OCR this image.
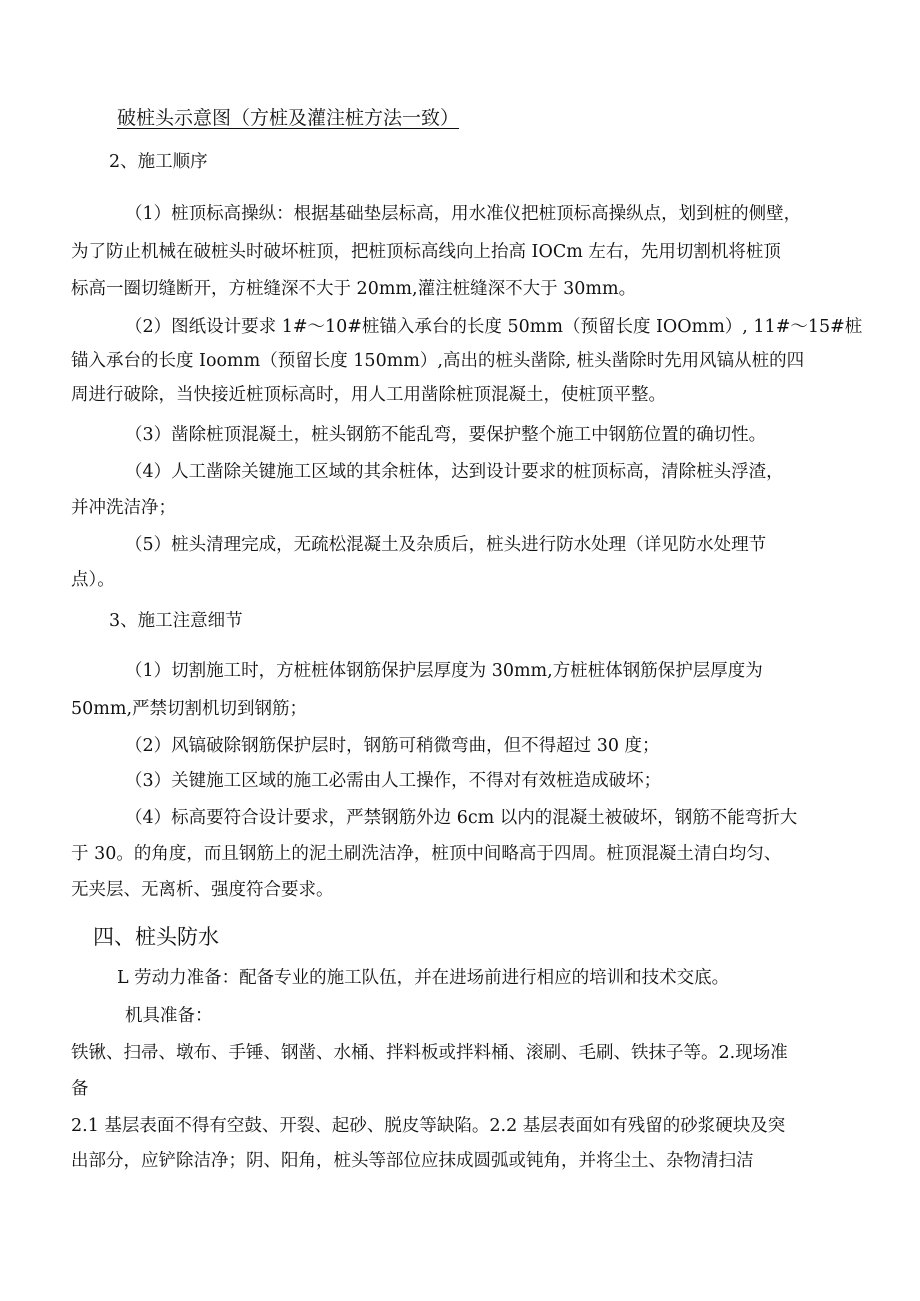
破桩头示意图（方桩及灌注桩方法一致）
2、施工顺序
（1）桩顶标高操纵：根据基础垫层标高，用水准仪把桩顶标高操纵点，划到桩的侧壁，
为了防止机械在破桩头时破坏桩顶，把桩顶标高线向上抬高 IOCm 左右，先用切割机将桩顶
标高一圈切缝断开，方桩缝深不大于 20mm,灌注桩缝深不大于 30mm。
（2）图纸设计要求 1#～10#桩锚入承台的长度 50mm（预留长度 IOOmm）, 11#～15#桩
锚入承台的长度 Ioomm（预留长度 150mm）,高出的桩头凿除, 桩头凿除时先用风镐从桩的四
周进行破除，当快接近桩顶标高时，用人工用凿除桩顶混凝土，使桩顶平整。
（3）凿除桩顶混凝土，桩头钢筋不能乱弯，要保护整个施工中钢筋位置的确切性。
（4）人工凿除关键施工区域的其余桩体，达到设计要求的桩顶标高，清除桩头浮渣，
并冲洗洁净；
（5）桩头清理完成，无疏松混凝土及杂质后，桩头进行防水处理（详见防水处理节
点）。
3、施工注意细节
（1）切割施工时，方桩桩体钢筋保护层厚度为 30mm,方桩桩体钢筋保护层厚度为
50mm,严禁切割机切到钢筋；
（2）风镐破除钢筋保护层时，钢筋可稍微弯曲，但不得超过 30 度；
（3）关键施工区域的施工必需由人工操作，不得对有效桩造成破坏；
（4）标高要符合设计要求，严禁钢筋外边 6cm 以内的混凝土被破坏，钢筋不能弯折大
于 30。的角度，而且钢筋上的泥土刷洗洁净，桩顶中间略高于四周。桩顶混凝土清白均匀、
无夹层、无离析、强度符合要求。
四、桩头防水
L 劳动力准备：配备专业的施工队伍，并在进场前进行相应的培训和技术交底。
机具准备：
铁锹、扫帚、墩布、手锤、钢凿、水桶、拌料板或拌料桶、滚刷、毛刷、铁抹子等。2.现场准
备
2.1 基层表面不得有空鼓、开裂、起砂、脱皮等缺陷。2.2 基层表面如有残留的砂浆硬块及突
出部分，应铲除洁净；阴、阳角，桩头等部位应抹成圆弧或钝角，并将尘土、杂物清扫洁
